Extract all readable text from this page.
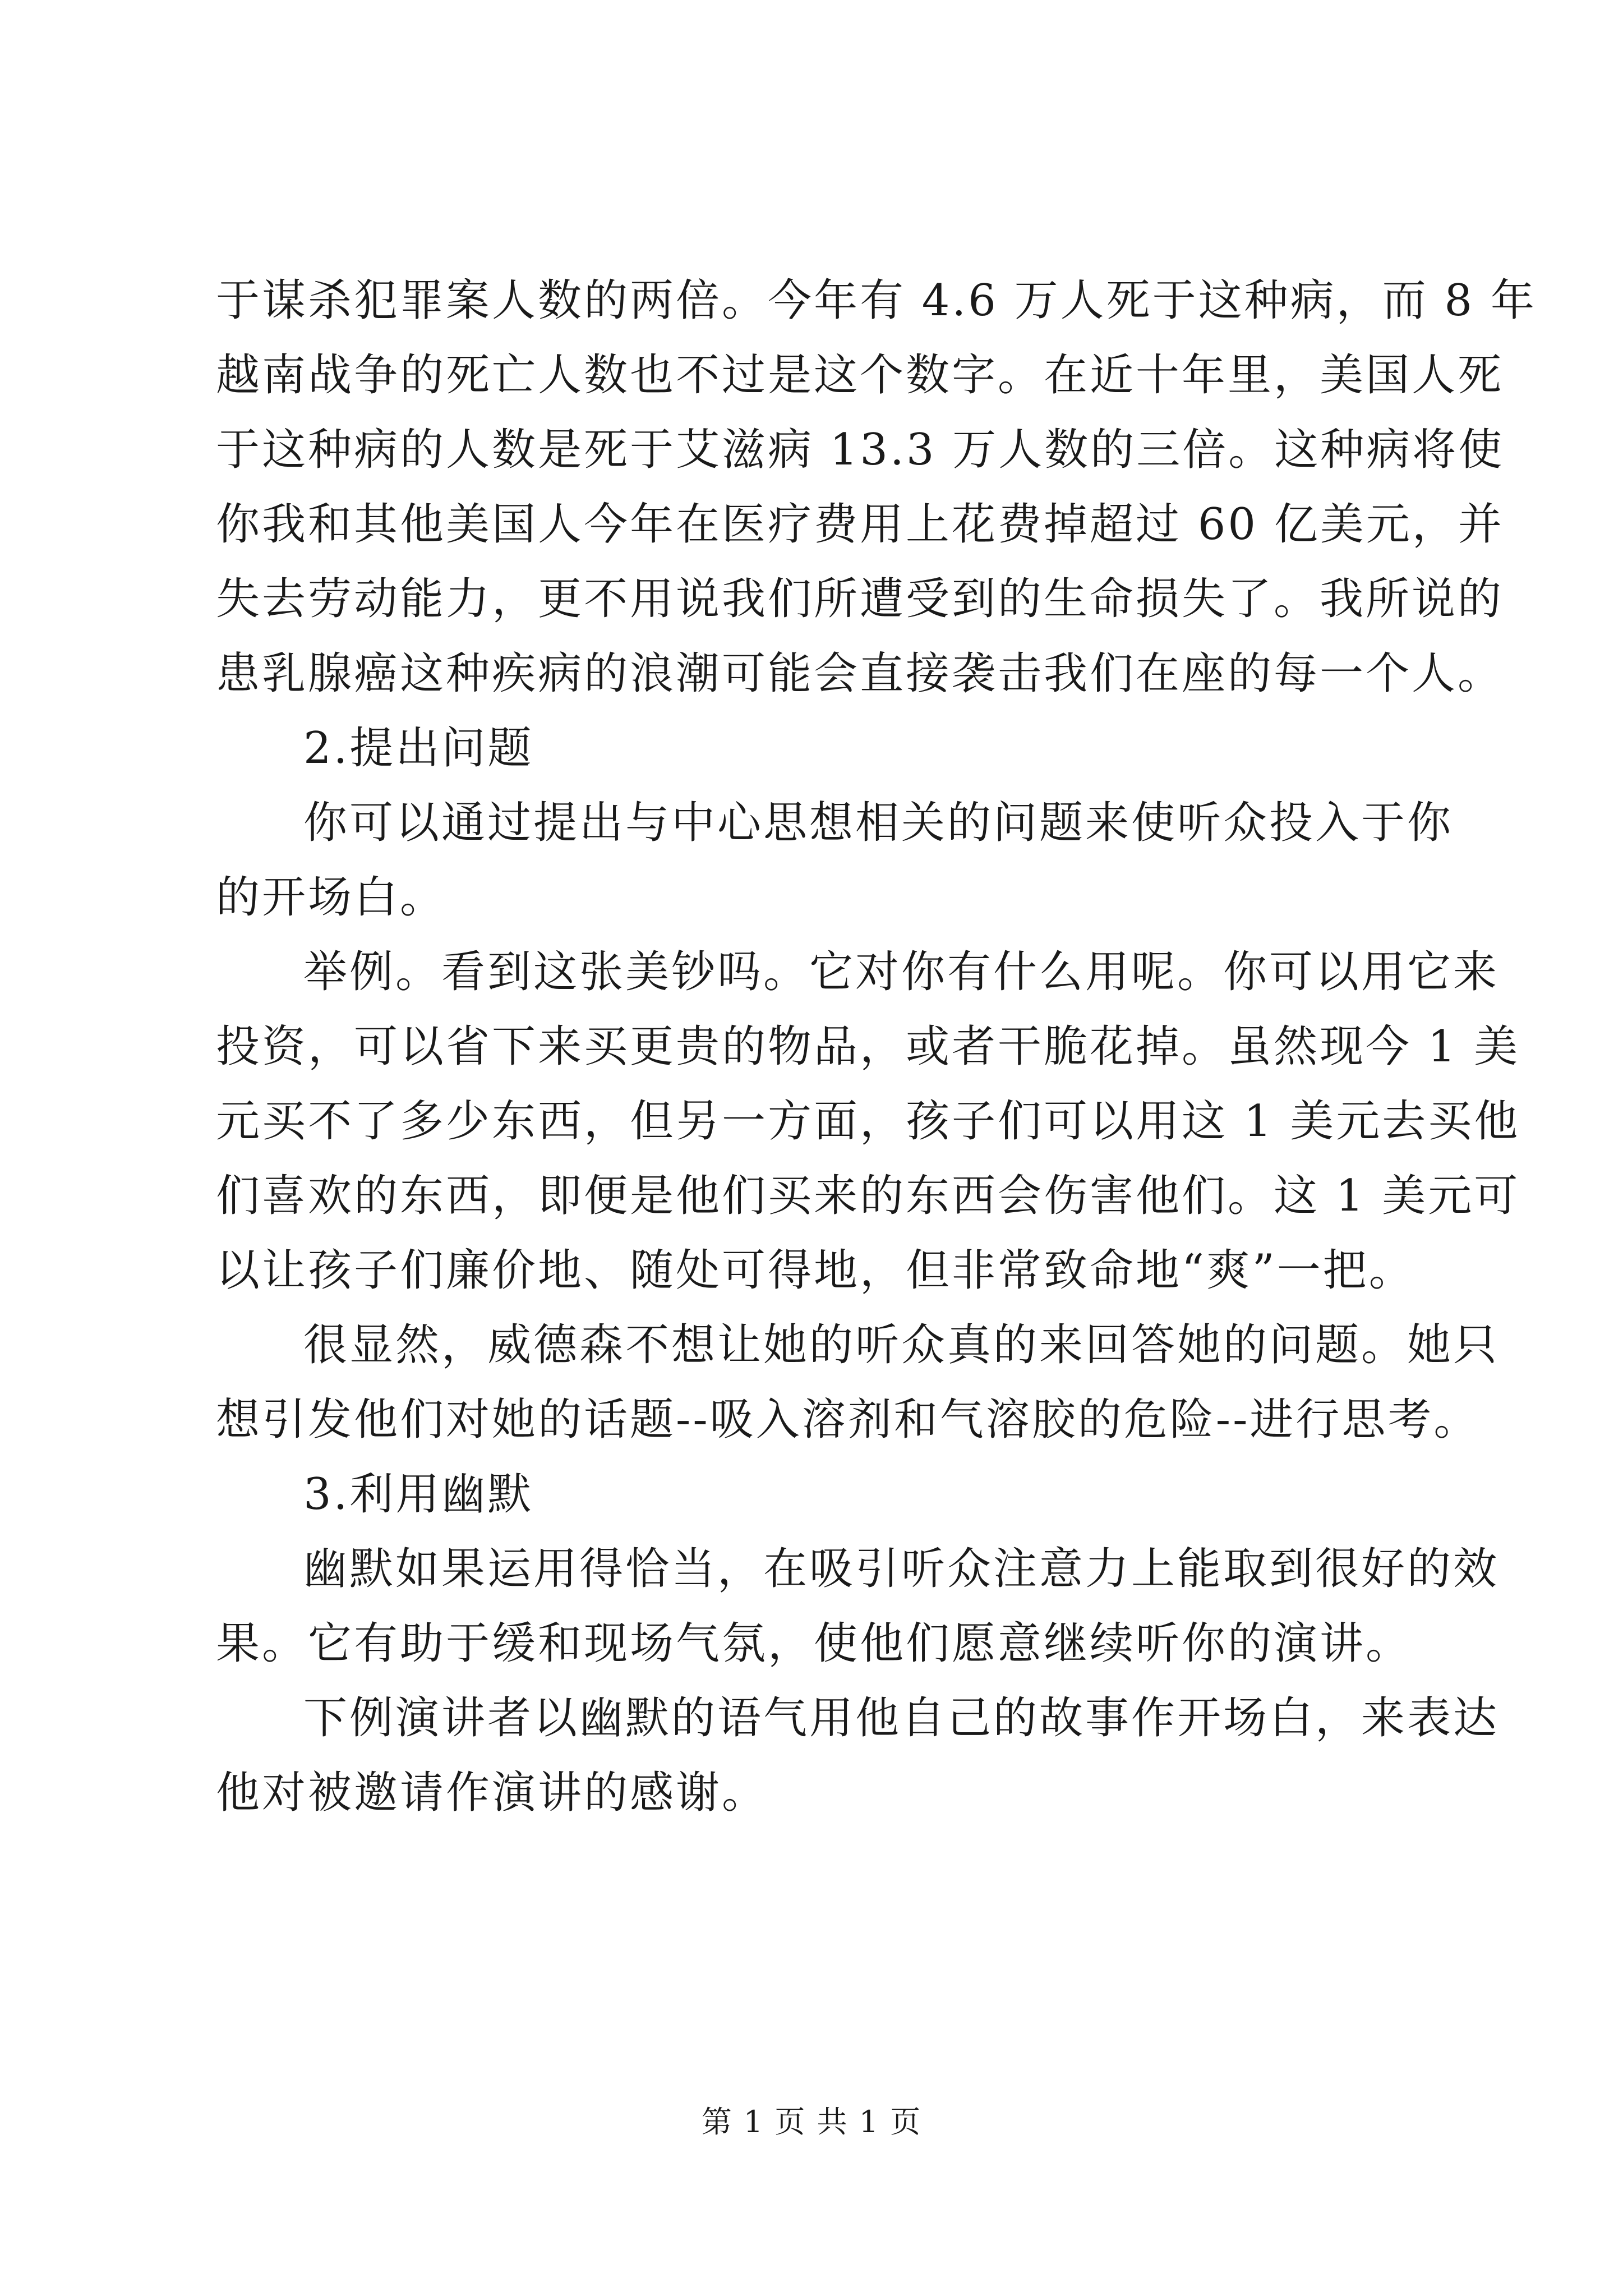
于谋杀犯罪案人数的两倍。今年有 4.6 万人死于这种病，而 8 年
越南战争的死亡人数也不过是这个数字。在近十年里，美国人死
于这种病的人数是死于艾滋病 13.3 万人数的三倍。这种病将使
你我和其他美国人今年在医疗费用上花费掉超过 60 亿美元，并
失去劳动能力，更不用说我们所遭受到的生命损失了。我所说的
患乳腺癌这种疾病的浪潮可能会直接袭击我们在座的每一个人。
2.提出问题
你可以通过提出与中心思想相关的问题来使听众投入于你
的开场白。
举例。看到这张美钞吗。它对你有什么用呢。你可以用它来
投资，可以省下来买更贵的物品，或者干脆花掉。虽然现今 1 美
元买不了多少东西，但另一方面，孩子们可以用这 1 美元去买他
们喜欢的东西，即便是他们买来的东西会伤害他们。这 1 美元可
以让孩子们廉价地、随处可得地，但非常致命地“爽”一把。
很显然，威德森不想让她的听众真的来回答她的问题。她只
想引发他们对她的话题--吸入溶剂和气溶胶的危险--进行思考。
3.利用幽默
幽默如果运用得恰当，在吸引听众注意力上能取到很好的效
果。它有助于缓和现场气氛，使他们愿意继续听你的演讲。
下例演讲者以幽默的语气用他自己的故事作开场白，来表达
他对被邀请作演讲的感谢。
第 1 页 共 1 页
